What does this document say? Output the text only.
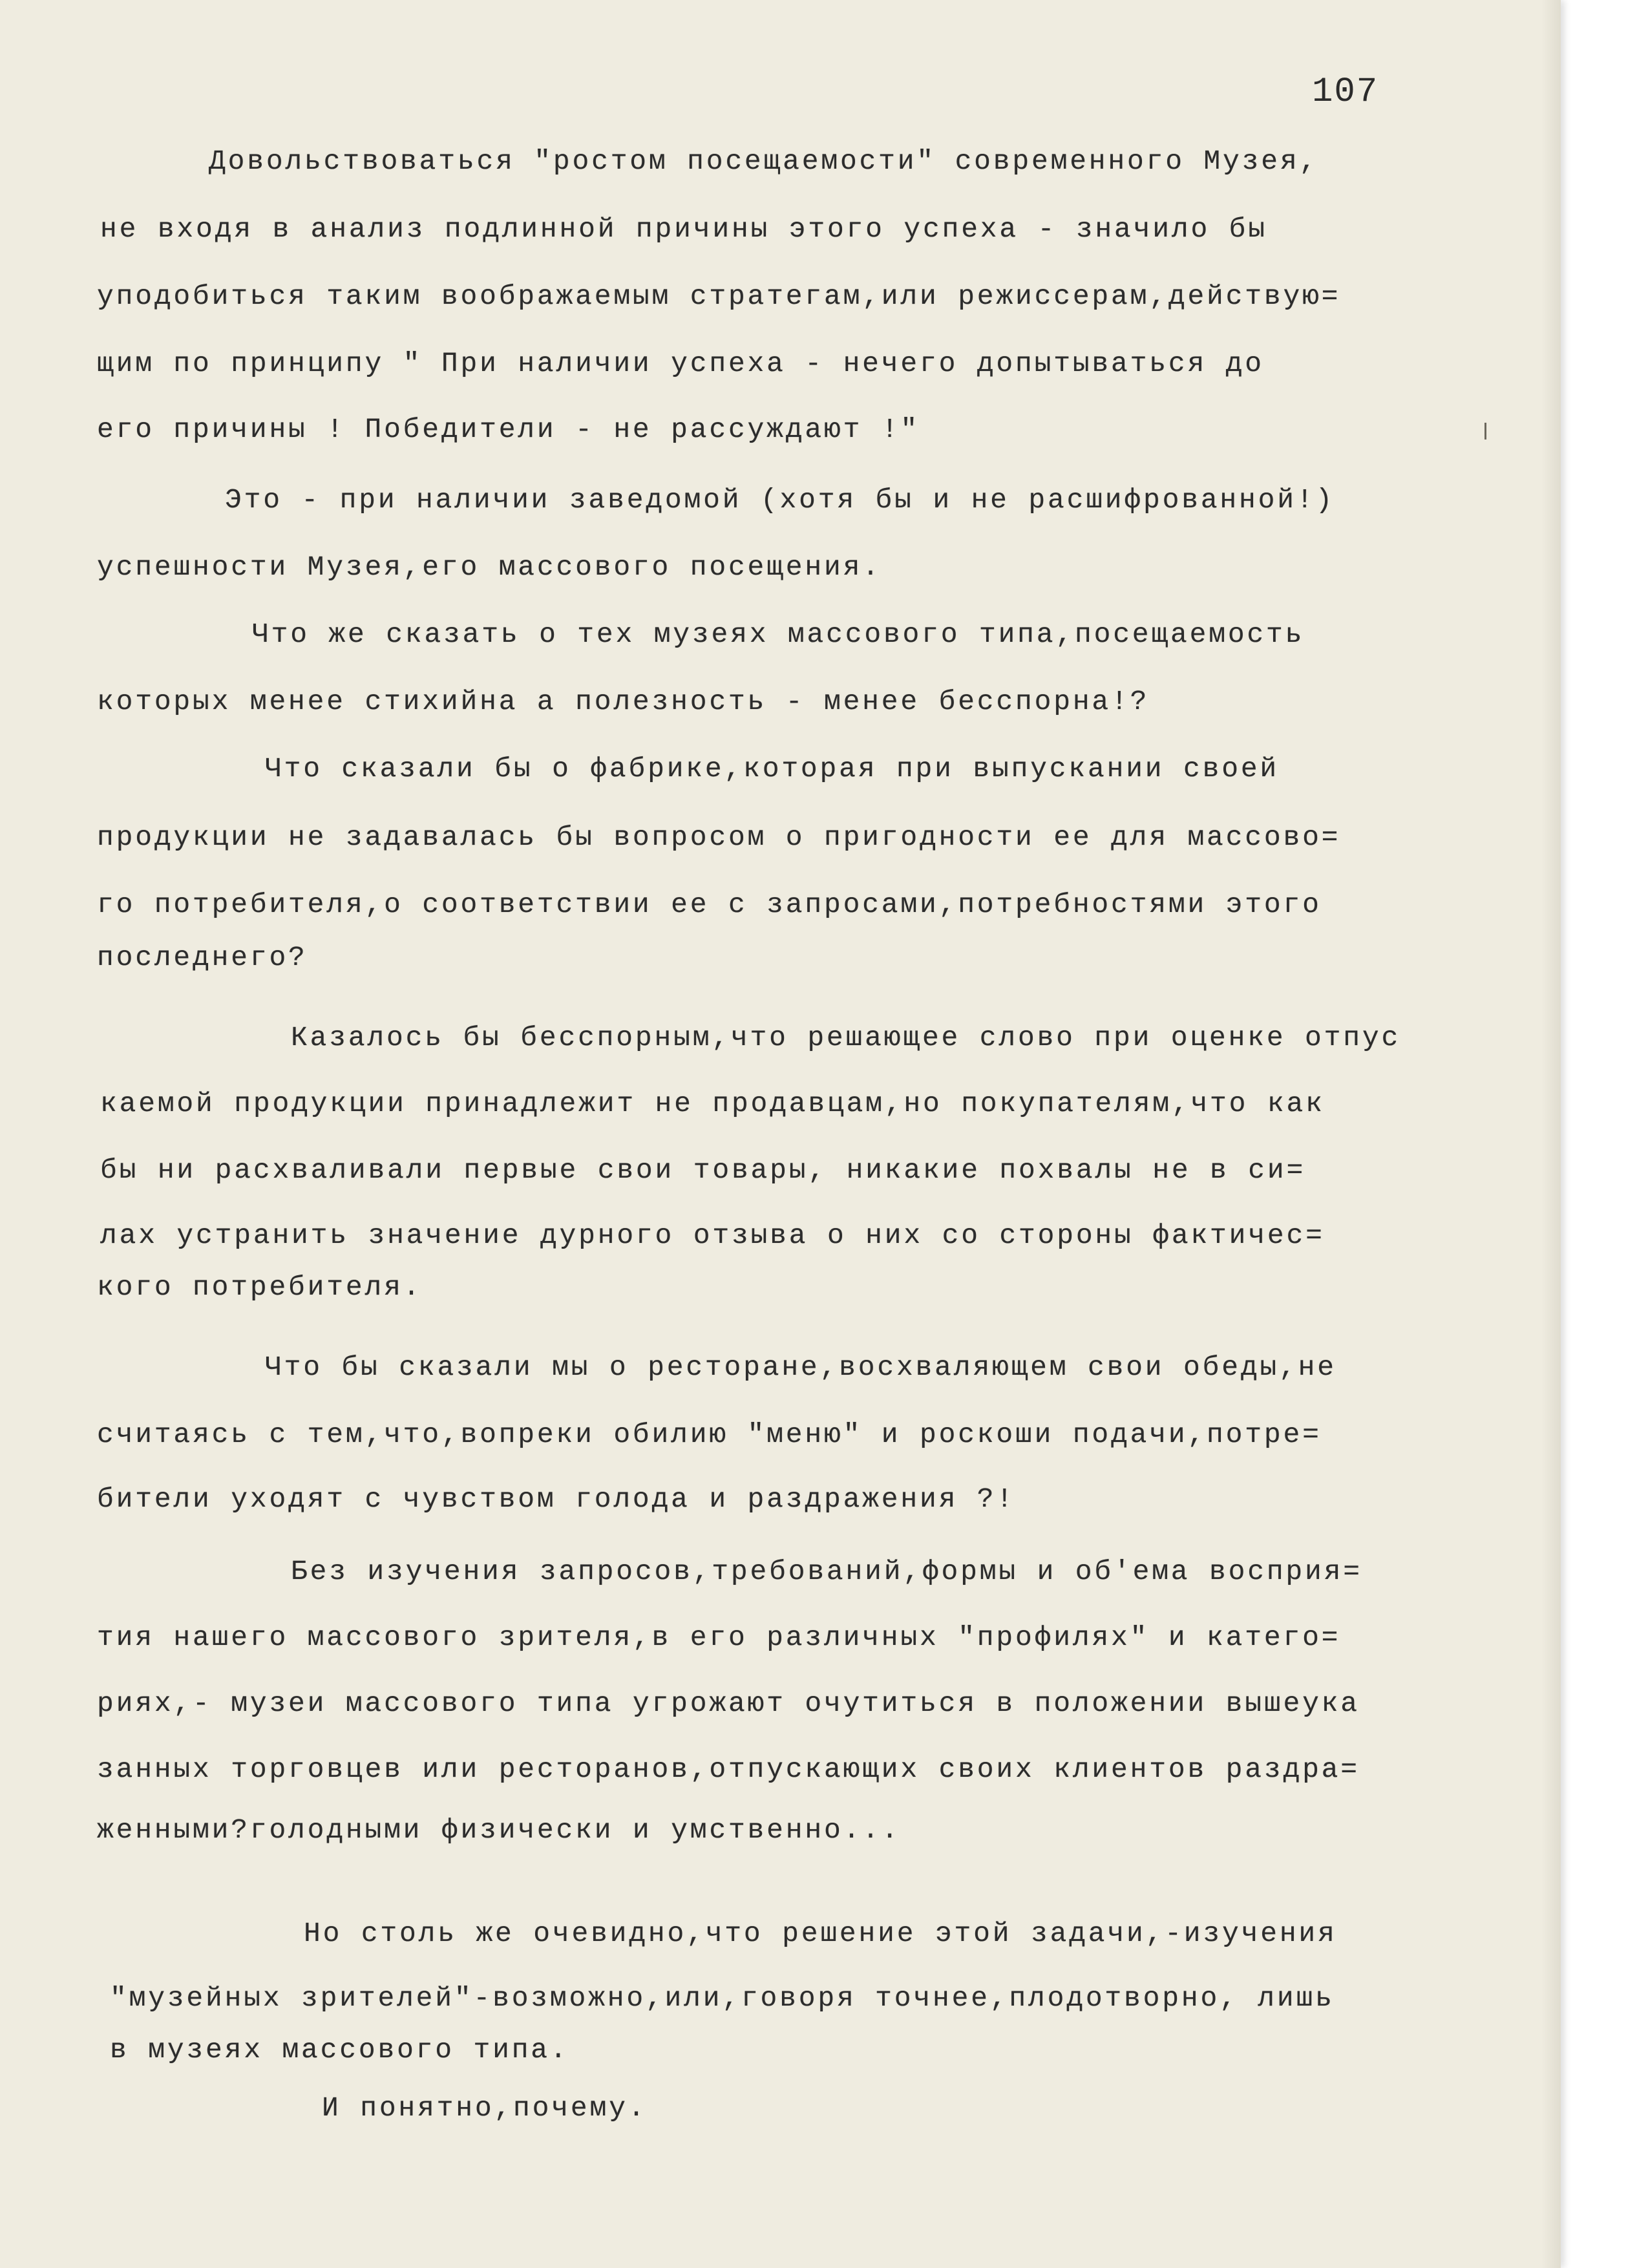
107
Довольствоваться "ростом посещаемости" современного Музея,
не входя в анализ подлинной причины этого успеха - значило бы
уподобиться таким воображаемым стратегам,или режиссерам,действую=
щим по принципу " При наличии успеха - нечего допытываться до
его причины ! Победители - не рассуждают !"
Это - при наличии заведомой (хотя бы и не расшифрованной!)
успешности Музея,его массового посещения.
Что же сказать о тех музеях массового типа,посещаемость
которых менее стихийна а полезность - менее бесспорна!?
Что сказали бы о фабрике,которая при выпускании своей
продукции не задавалась бы вопросом о пригодности ее для массово=
го потребителя,о соответствии ее с запросами,потребностями этого
последнего?
Казалось бы бесспорным,что решающее слово при оценке отпус
каемой продукции принадлежит не продавцам,но покупателям,что как
бы ни расхваливали первые свои товары, никакие похвалы не в си=
лах устранить значение дурного отзыва о них со стороны фактичес=
кого потребителя.
Что бы сказали мы о ресторане,восхваляющем свои обеды,не
считаясь с тем,что,вопреки обилию "меню" и роскоши подачи,потре=
бители уходят с чувством голода и раздражения ?!
Без изучения запросов,требований,формы и об'ема восприя=
тия нашего массового зрителя,в его различных "профилях" и катего=
риях,- музеи массового типа угрожают очутиться в положении вышеука
занных торговцев или ресторанов,отпускающих своих клиентов раздра=
женными?голодными физически и умственно...
Но столь же очевидно,что решение этой задачи,-изучения
"музейных зрителей"-возможно,или,говоря точнее,плодотворно, лишь
в музеях массового типа.
И понятно,почему.
